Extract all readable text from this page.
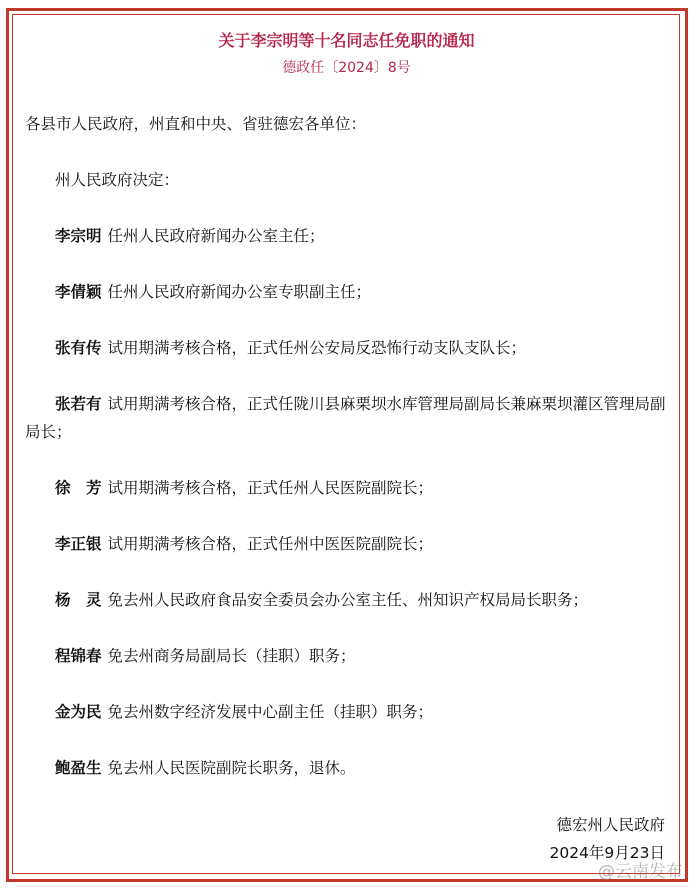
关于李宗明等十名同志任免职的通知
德政任〔2024〕8号
各县市人民政府，州直和中央、省驻德宏各单位：
州人民政府决定：
李宗明 任州人民政府新闻办公室主任；
李倩颖 任州人民政府新闻办公室专职副主任；
张有传 试用期满考核合格，正式任州公安局反恐怖行动支队支队长；
张若有 试用期满考核合格，正式任陇川县麻栗坝水库管理局副局长兼麻栗坝灌区管理局副局长；
徐　芳 试用期满考核合格，正式任州人民医院副院长；
李正银 试用期满考核合格，正式任州中医医院副院长；
杨　灵 免去州人民政府食品安全委员会办公室主任、州知识产权局局长职务；
程锦春 免去州商务局副局长（挂职）职务；
金为民 免去州数字经济发展中心副主任（挂职）职务；
鲍盈生 免去州人民医院副院长职务，退休。
德宏州人民政府
2024年9月23日
@云南发布
